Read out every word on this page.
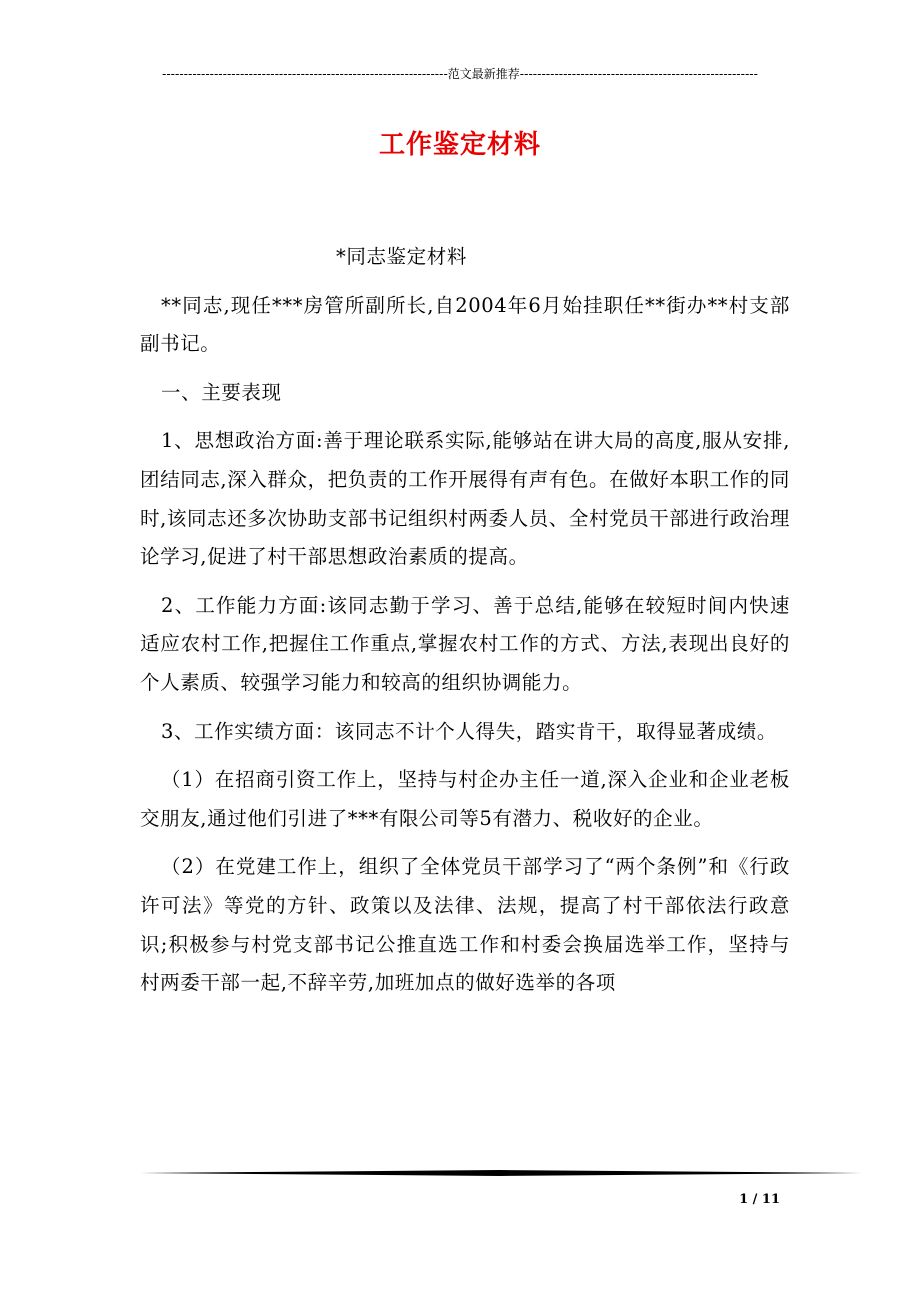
------------------------------------------------------------------范文最新推荐-------------------------------------------------------
工作鉴定材料

*同志鉴定材料

**同志,现任***房管所副所长,自2004年6月始挂职任**街办**村支部副书记。

一、主要表现

1、思想政治方面:善于理论联系实际,能够站在讲大局的高度,服从安排,团结同志,深入群众，把负责的工作开展得有声有色。在做好本职工作的同时,该同志还多次协助支部书记组织村两委人员、全村党员干部进行政治理论学习,促进了村干部思想政治素质的提高。

2、工作能力方面:该同志勤于学习、善于总结,能够在较短时间内快速适应农村工作,把握住工作重点,掌握农村工作的方式、方法,表现出良好的个人素质、较强学习能力和较高的组织协调能力。

3、工作实绩方面：该同志不计个人得失，踏实肯干，取得显著成绩。

（1）在招商引资工作上，坚持与村企办主任一道,深入企业和企业老板交朋友,通过他们引进了***有限公司等5有潜力、税收好的企业。

（2）在党建工作上，组织了全体党员干部学习了“两个条例”和《行政许可法》等党的方针、政策以及法律、法规，提高了村干部依法行政意识;积极参与村党支部书记公推直选工作和村委会换届选举工作，坚持与村两委干部一起,不辞辛劳,加班加点的做好选举的各项

1 / 11
